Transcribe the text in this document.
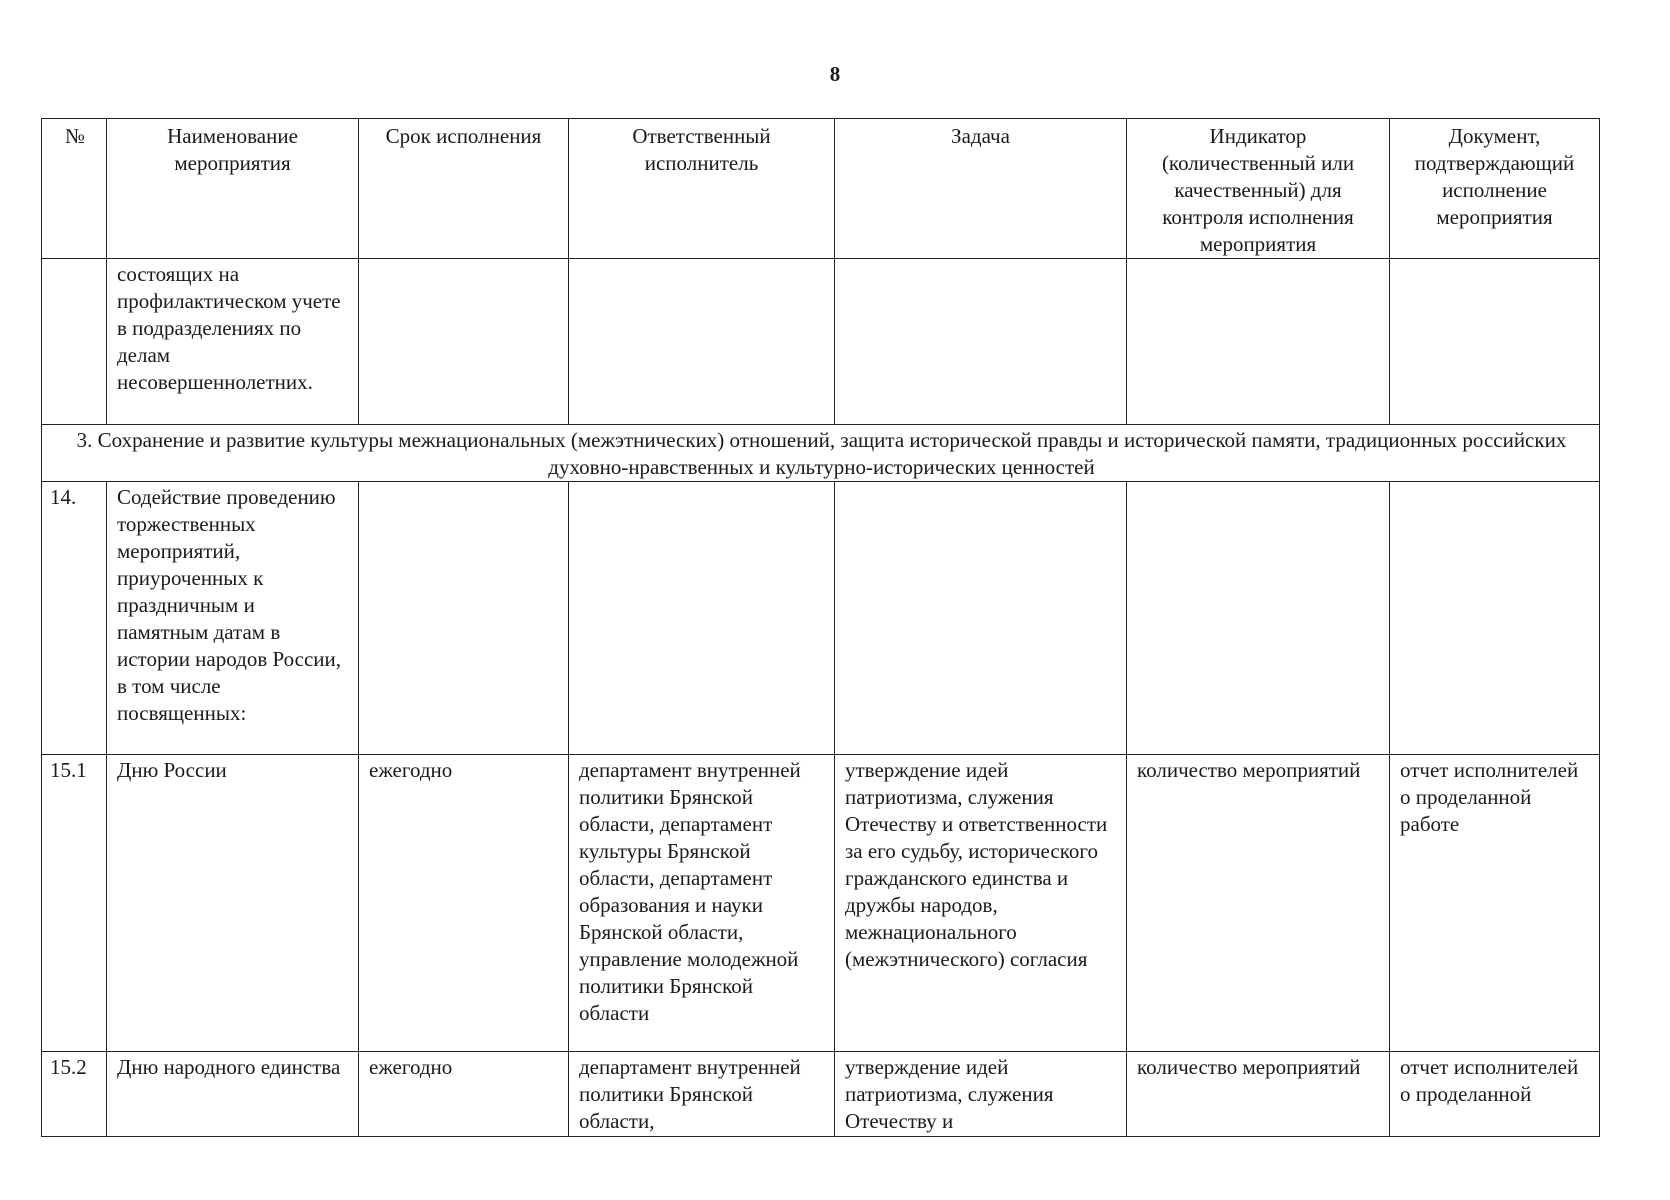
8
№	Наименование мероприятия	Срок исполнения	Ответственный исполнитель	Задача	Индикатор (количественный или качественный) для контроля исполнения мероприятия	Документ, подтверждающий исполнение мероприятия
	состоящих на профилактическом учете в подразделениях по делам несовершеннолетних.					
3. Сохранение и развитие культуры межнациональных (межэтнических) отношений, защита исторической правды и исторической памяти, традиционных российских духовно-нравственных и культурно-исторических ценностей						
14.	Содействие проведению торжественных мероприятий, приуроченных к праздничным и памятным датам в истории народов России, в том числе посвященных:					
15.1	Дню России	ежегодно	департамент внутренней политики Брянской области, департамент культуры Брянской области, департамент образования и науки Брянской области, управление молодежной политики Брянской области	утверждение идей патриотизма, служения Отечеству и ответственности за его судьбу, исторического гражданского единства и дружбы народов, межнационального (межэтнического) согласия	количество мероприятий	отчет исполнителей о проделанной работе
15.2	Дню народного единства	ежегодно	департамент внутренней политики Брянской области,	утверждение идей патриотизма, служения Отечеству и	количество мероприятий	отчет исполнителей о проделанной
